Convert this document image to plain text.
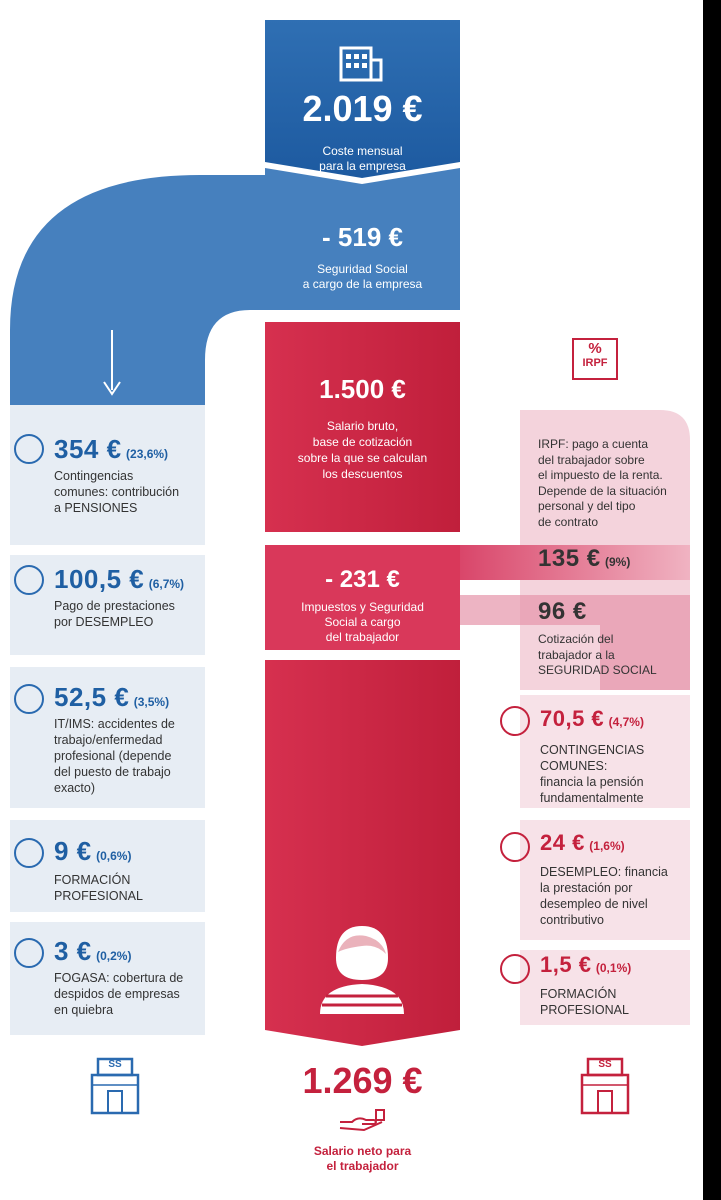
2.019 €
Coste mensual
para la empresa
- 519 €
Seguridad Social
a cargo de la empresa
1.500 €
Salario bruto,
base de cotización
sobre la que se calculan
los descuentos
- 231 €
Impuestos y Seguridad
Social a cargo
del trabajador
1.269 €
Salario neto para
el trabajador
%
IRPF
IRPF: pago a cuenta
del trabajador sobre
el impuesto de la renta.
Depende de la situación
personal y del tipo
de contrato
135 € (9%)
96 €
Cotización del
trabajador a la
SEGURIDAD SOCIAL
354 € (23,6%)
Contingencias
comunes: contribución
a PENSIONES
100,5 € (6,7%)
Pago de prestaciones
por DESEMPLEO
52,5 € (3,5%)
IT/IMS: accidentes de
trabajo/enfermedad
profesional (depende
del puesto de trabajo
exacto)
9 € (0,6%)
FORMACIÓN
PROFESIONAL
3 € (0,2%)
FOGASA: cobertura de
despidos de empresas
en quiebra
70,5 € (4,7%)
CONTINGENCIAS
COMUNES:
financia la pensión
fundamentalmente
24 € (1,6%)
DESEMPLEO: financia
la prestación por
desempleo de nivel
contributivo
1,5 € (0,1%)
FORMACIÓN
PROFESIONAL
SS	SS
